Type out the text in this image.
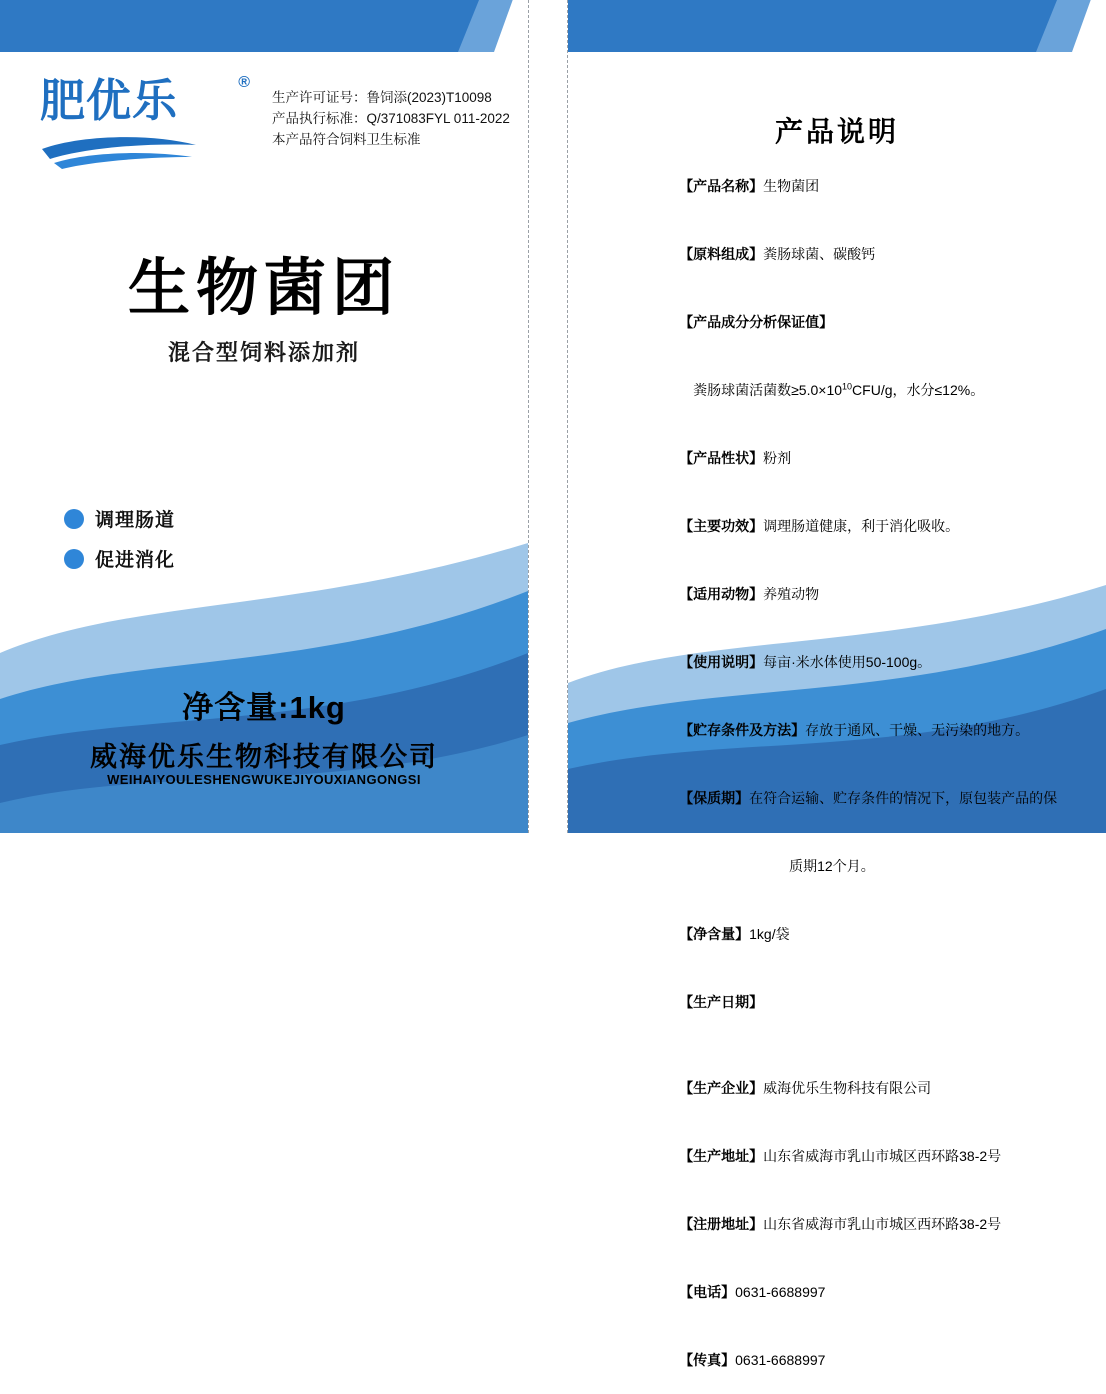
肥优乐	®
生产许可证号：鲁饲添(2023)T10098
产品执行标准：Q/371083FYL 011-2022
本产品符合饲料卫生标准
生物菌团
混合型饲料添加剂
调理肠道
促进消化
净含量:1kg
威海优乐生物科技有限公司
WEIHAIYOULESHENGWUKEJIYOUXIANGONGSI
产品说明

【产品名称】生物菌团

【原料组成】粪肠球菌、碳酸钙

【产品成分分析保证值】

粪肠球菌活菌数$\ge 5.0\times 10^{10}CFU/g$，水分≤12%。

【产品性状】粉剂

【主要功效】调理肠道健康，利于消化吸收。

【适用动物】养殖动物

【使用说明】每亩·米水体使用50-100g。

【贮存条件及方法】存放于通风、干燥、无污染的地方。

【保质期】在符合运输、贮存条件的情况下，原包装产品的保

质期12个月。

【净含量】1kg/袋

【生产日期】

【生产企业】威海优乐生物科技有限公司

【生产地址】山东省威海市乳山市城区西环路38-2号

【注册地址】山东省威海市乳山市城区西环路38-2号

【电话】0631-6688997

【传真】0631-6688997
